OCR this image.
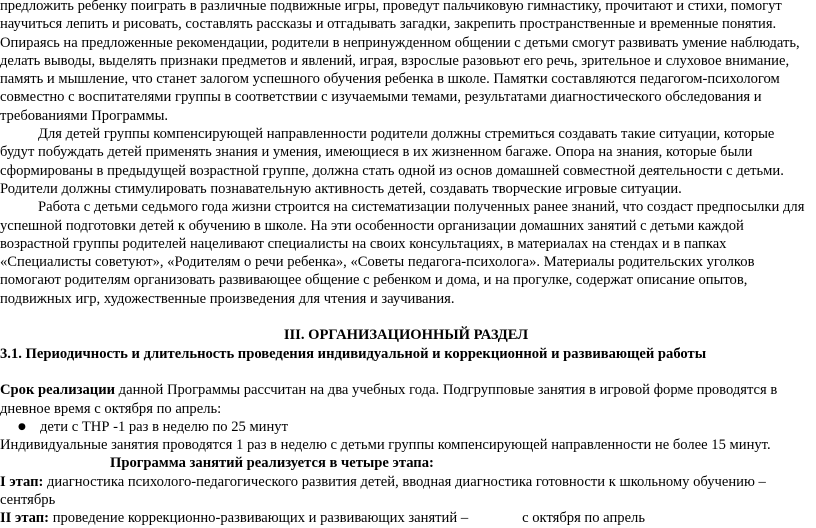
предложить ребенку поиграть в различные подвижные игры, проведут пальчиковую гимнастику, прочитают и стихи, помогут
научиться лепить и рисовать, составлять рассказы и отгадывать загадки, закрепить пространственные и временные понятия.
Опираясь на предложенные рекомендации, родители в непринужденном общении с детьми смогут развивать умение наблюдать,
делать выводы, выделять признаки предметов и явлений, играя, взрослые разовьют его речь, зрительное и слуховое внимание,
память и мышление, что станет залогом успешного обучения ребенка в школе. Памятки составляются педагогом-психологом
совместно с воспитателями группы в соответствии с изучаемыми темами, результатами диагностического обследования и
требованиями Программы.
Для детей группы компенсирующей направленности родители должны стремиться создавать такие ситуации, которые
будут побуждать детей применять знания и умения, имеющиеся в их жизненном багаже. Опора на знания, которые были
сформированы в предыдущей возрастной группе, должна стать одной из основ домашней совместной деятельности с детьми.
Родители должны стимулировать познавательную активность детей, создавать творческие игровые ситуации.
Работа с детьми седьмого года жизни строится на систематизации полученных ранее знаний, что создаст предпосылки для
успешной подготовки детей к обучению в школе. На эти особенности организации домашних занятий с детьми каждой
возрастной группы родителей нацеливают специалисты на своих консультациях, в материалах на стендах и в папках
«Специалисты советуют», «Родителям о речи ребенка», «Советы педагога-психолога». Материалы родительских уголков
помогают родителям организовать развивающее общение с ребенком и дома, и на прогулке, содержат описание опытов,
подвижных игр, художественные произведения для чтения и заучивания.
III. ОРГАНИЗАЦИОННЫЙ РАЗДЕЛ
3.1. Периодичность и длительность проведения индивидуальной и коррекционной и развивающей работы
Срок реализации данной Программы рассчитан на два учебных года. Подгрупповые занятия в игровой форме проводятся в
дневное время с октября по апрель:
● дети с ТНР -1 раз в неделю по 25 минут
Индивидуальные занятия проводятся 1 раз в неделю с детьми группы компенсирующей направленности не более 15 минут.
Программа занятий реализуется в четыре этапа:
I этап: диагностика психолого-педагогического развития детей, вводная диагностика готовности к школьному обучению –
сентябрь
II этап: проведение коррекционно-развивающих и развивающих занятий –	с октября по апрель
